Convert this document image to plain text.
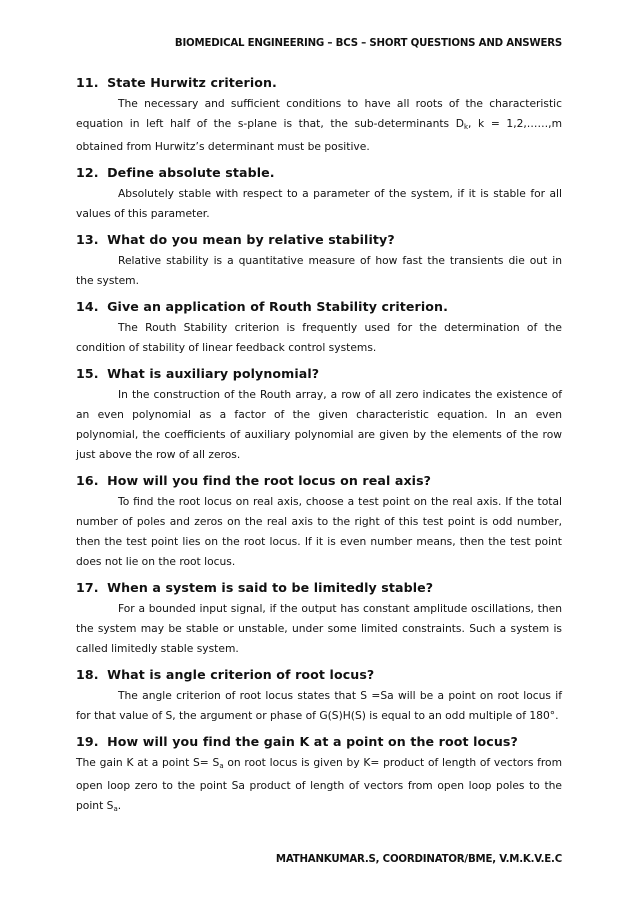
BIOMEDICAL ENGINEERING – BCS – SHORT QUESTIONS AND ANSWERS
11. State Hurwitz criterion.

The necessary and sufficient conditions to have all roots of the characteristic equation in left half of the s-plane is that, the sub-determinants $D_k$, k = 1,2,……,m obtained from Hurwitz’s determinant must be positive.

12. Define absolute stable.

Absolutely stable with respect to a parameter of the system, if it is stable for all values of this parameter.

13. What do you mean by relative stability?

Relative stability is a quantitative measure of how fast the transients die out in the system.

14. Give an application of Routh Stability criterion.

The Routh Stability criterion is frequently used for the determination of the condition of stability of linear feedback control systems.

15. What is auxiliary polynomial?

In the construction of the Routh array, a row of all zero indicates the existence of an even polynomial as a factor of the given characteristic equation. In an even polynomial, the coefficients of auxiliary polynomial are given by the elements of the row just above the row of all zeros.

16. How will you find the root locus on real axis?

To find the root locus on real axis, choose a test point on the real axis. If the total number of poles and zeros on the real axis to the right of this test point is odd number, then the test point lies on the root locus. If it is even number means, then the test point does not lie on the root locus.

17. When a system is said to be limitedly stable?

For a bounded input signal, if the output has constant amplitude oscillations, then the system may be stable or unstable, under some limited constraints. Such a system is called limitedly stable system.

18. What is angle criterion of root locus?

The angle criterion of root locus states that S =Sa will be a point on root locus if for that value of S, the argument or phase of G(S)H(S) is equal to an odd multiple of 180°.

19. How will you find the gain K at a point on the root locus?

The gain K at a point $S= S_a$ on root locus is given by K= product of length of vectors from open loop zero to the point Sa product of length of vectors from open loop poles to the point $S_a$.

MATHANKUMAR.S, COORDINATOR/BME, V.M.K.V.E.C
